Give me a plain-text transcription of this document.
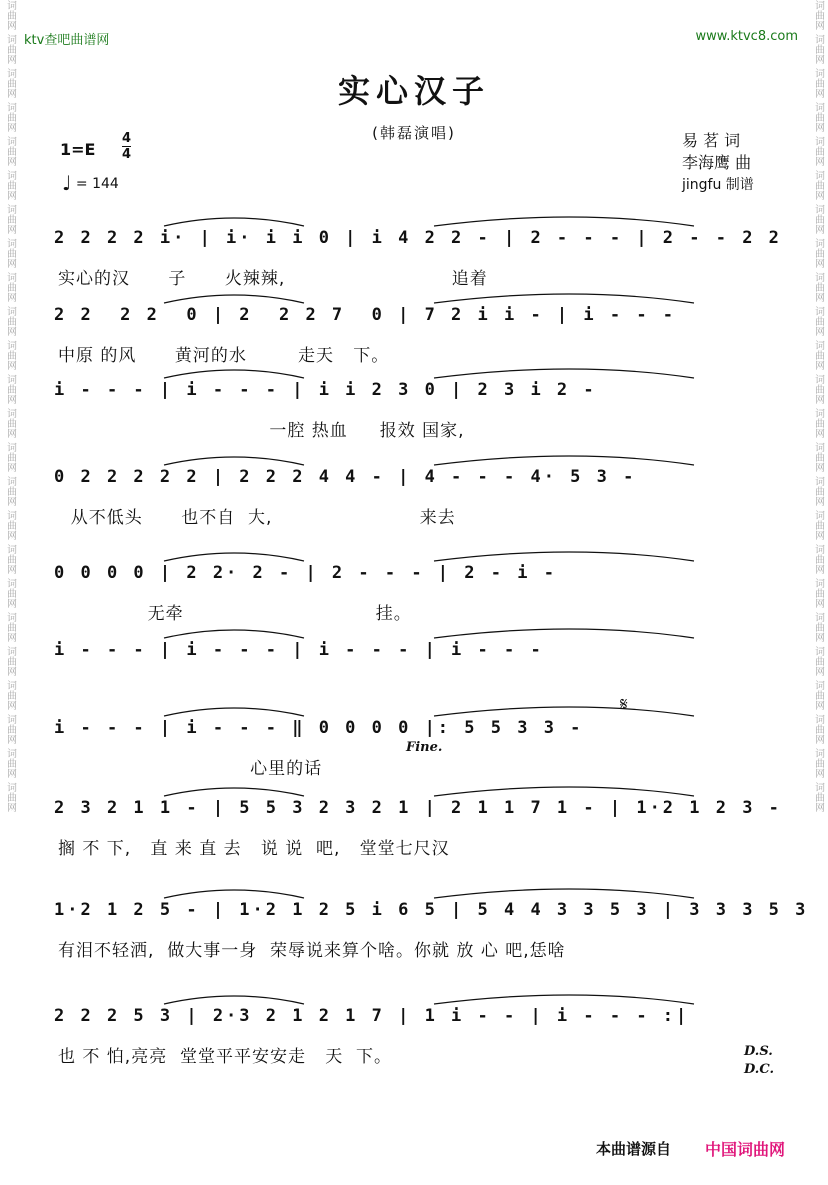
ktv查吧曲谱网	www.ktvc8.com
词曲网
词曲网
词曲网
词曲网
词曲网
词曲网
词曲网
词曲网
词曲网
词曲网
词曲网
词曲网
词曲网
词曲网
词曲网
词曲网
词曲网
词曲网
词曲网
词曲网
词曲网
词曲网
词曲网
词曲网
词曲网
词曲网
词曲网
词曲网
词曲网
词曲网
词曲网
词曲网
词曲网
词曲网
词曲网
词曲网
词曲网
词曲网
词曲网
词曲网
词曲网
词曲网
词曲网
词曲网
词曲网
词曲网
词曲网
词曲网
实心汉子
(韩磊演唱)
1=E
4
4
♩ = 144
易 茗 词
李海鹰 曲
jingfu 制谱
2 2 2 2 i· | i· i i 0 | i 4 2 2 - | 2 - - - | 2 - - 2 2
实心的汉      子      火辣辣,                          追着
2 2  2 2  0 | 2  2 2 7  0 | 7 2 i i - | i - - -
中原 的风      黄河的水        走天   下。
i - - - | i - - - | i i 2 3 0 | 2 3 i 2 -
一腔 热血     报效 国家,
0 2 2 2 2 2 | 2 2 2 4 4 - | 4 - - - 4· 5 3 -
从不低头      也不自  大,                       来去
0 0 0 0 | 2 2· 2 - | 2 - - - | 2 - i -
无牵                              挂。
i - - - | i - - - | i - - - | i - - -
i - - - | i - - - ‖ 0 0 0 0 |: 5 5 3 3 -
心里的话
Fine.
𝄋
2 3 2 1 1 - | 5 5 3 2 3 2 1 | 2 1 1 7 1 - | 1·2 1 2 3 -
搁 不 下,   直 来 直 去   说 说  吧,   堂堂七尺汉
1·2 1 2 5 - | 1·2 1 2 5 i 6 5 | 5 4 4 3 3 5 3 | 3 3 3 5 3
有泪不轻洒,  做大事一身  荣辱说来算个啥。你就 放 心 吧,恁啥
2 2 2 5 3 | 2·3 2 1 2 1 7 | 1 i - - | i - - - :|
也 不 怕,亮亮  堂堂平平安安走   天  下。	D.S.
D.C.
本曲谱源自 中国词曲网
